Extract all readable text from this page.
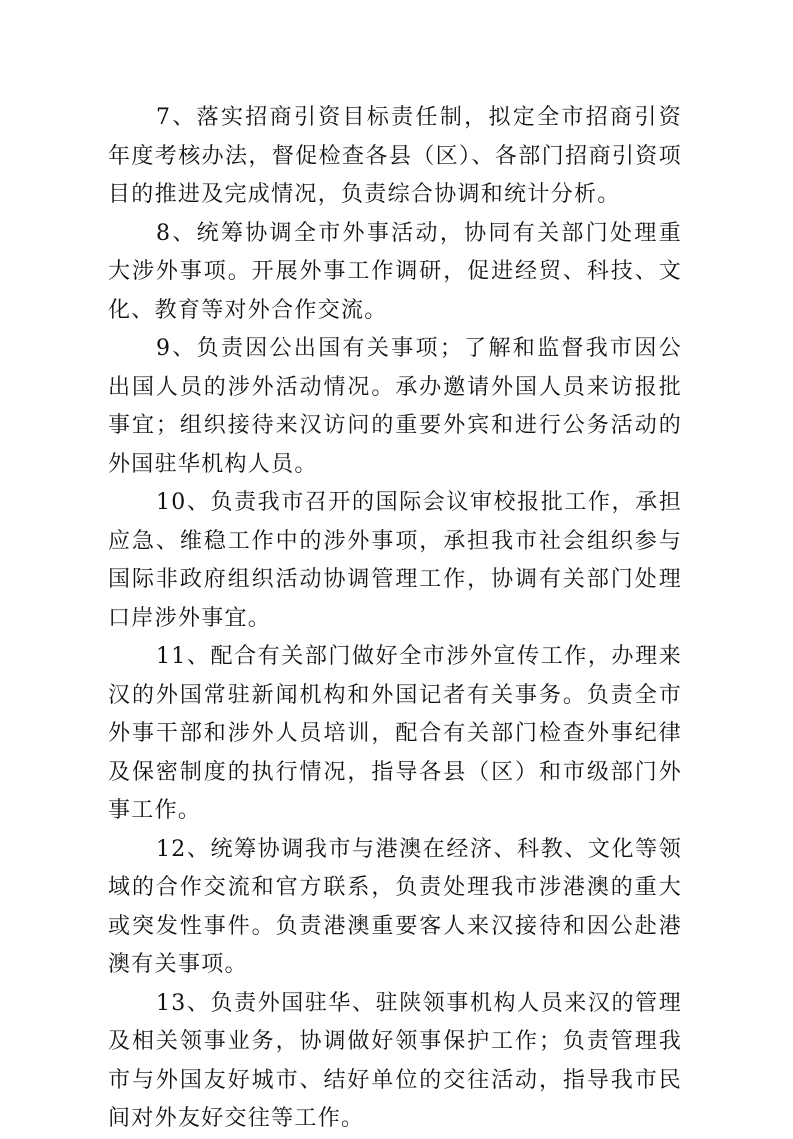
7、落实招商引资目标责任制，拟定全市招商引资年度考核办法，督促检查各县（区）、各部门招商引资项目的推进及完成情况，负责综合协调和统计分析。

8、统筹协调全市外事活动，协同有关部门处理重大涉外事项。开展外事工作调研，促进经贸、科技、文化、教育等对外合作交流。

9、负责因公出国有关事项；了解和监督我市因公出国人员的涉外活动情况。承办邀请外国人员来访报批事宜；组织接待来汉访问的重要外宾和进行公务活动的外国驻华机构人员。

10、负责我市召开的国际会议审校报批工作，承担应急、维稳工作中的涉外事项，承担我市社会组织参与国际非政府组织活动协调管理工作，协调有关部门处理口岸涉外事宜。

11、配合有关部门做好全市涉外宣传工作，办理来汉的外国常驻新闻机构和外国记者有关事务。负责全市外事干部和涉外人员培训，配合有关部门检查外事纪律及保密制度的执行情况，指导各县（区）和市级部门外事工作。

12、统筹协调我市与港澳在经济、科教、文化等领域的合作交流和官方联系，负责处理我市涉港澳的重大或突发性事件。负责港澳重要客人来汉接待和因公赴港澳有关事项。

13、负责外国驻华、驻陕领事机构人员来汉的管理及相关领事业务，协调做好领事保护工作；负责管理我市与外国友好城市、结好单位的交往活动，指导我市民间对外友好交往等工作。
